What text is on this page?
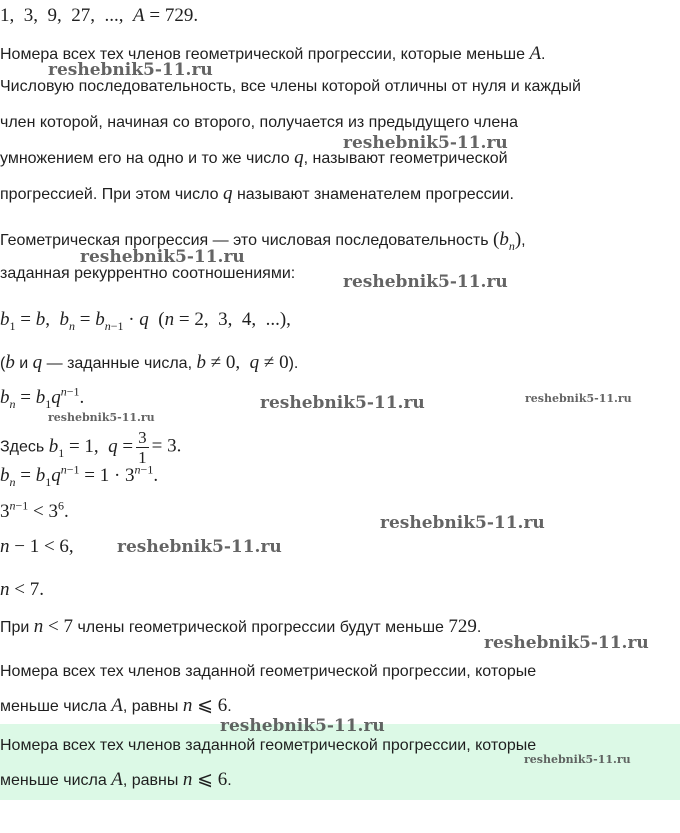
1,  3,  9,  27,  ...,  A = 729.
Номера всех тех членов геометрической прогрессии, которые меньше A.
Числовую последовательность, все члены которой отличны от нуля и каждый
член которой, начиная со второго, получается из предыдущего члена
умножением его на одно и то же число q, называют геометрической
прогрессией. При этом число q называют знаменателем прогрессии.
Геометрическая прогрессия — это числовая последовательность $(b_n)$,
заданная рекуррентно соотношениями:
$b_1 = b$,  $b_n = b_{n-1} \cdot q$  (n = 2,  3,  4,  ...),
(b и q — заданные числа, b ≠ 0,  q ≠ 0).
$b_n = b_1q^{n-1}$.
Здесь $b_1 = 1$,  $q = \frac{3}{1} = 3$.
$b_n = b_1q^{n-1} = 1 \cdot 3^{n-1}$.
$3^{n-1} < 3^6$.
n − 1 < 6,
n < 7.
При n < 7 члены геометрической прогрессии будут меньше 729.
Номера всех тех членов заданной геометрической прогрессии, которые
меньше числа A, равны n ⩽ 6.
Номера всех тех членов заданной геометрической прогрессии, которые
меньше числа A, равны n ⩽ 6.
reshebnik5-11.ru
reshebnik5-11.ru
reshebnik5-11.ru
reshebnik5-11.ru
reshebnik5-11.ru
reshebnik5-11.ru	reshebnik5-11.ru
reshebnik5-11.ru
reshebnik5-11.ru
reshebnik5-11.ru
reshebnik5-11.ru
reshebnik5-11.ru
